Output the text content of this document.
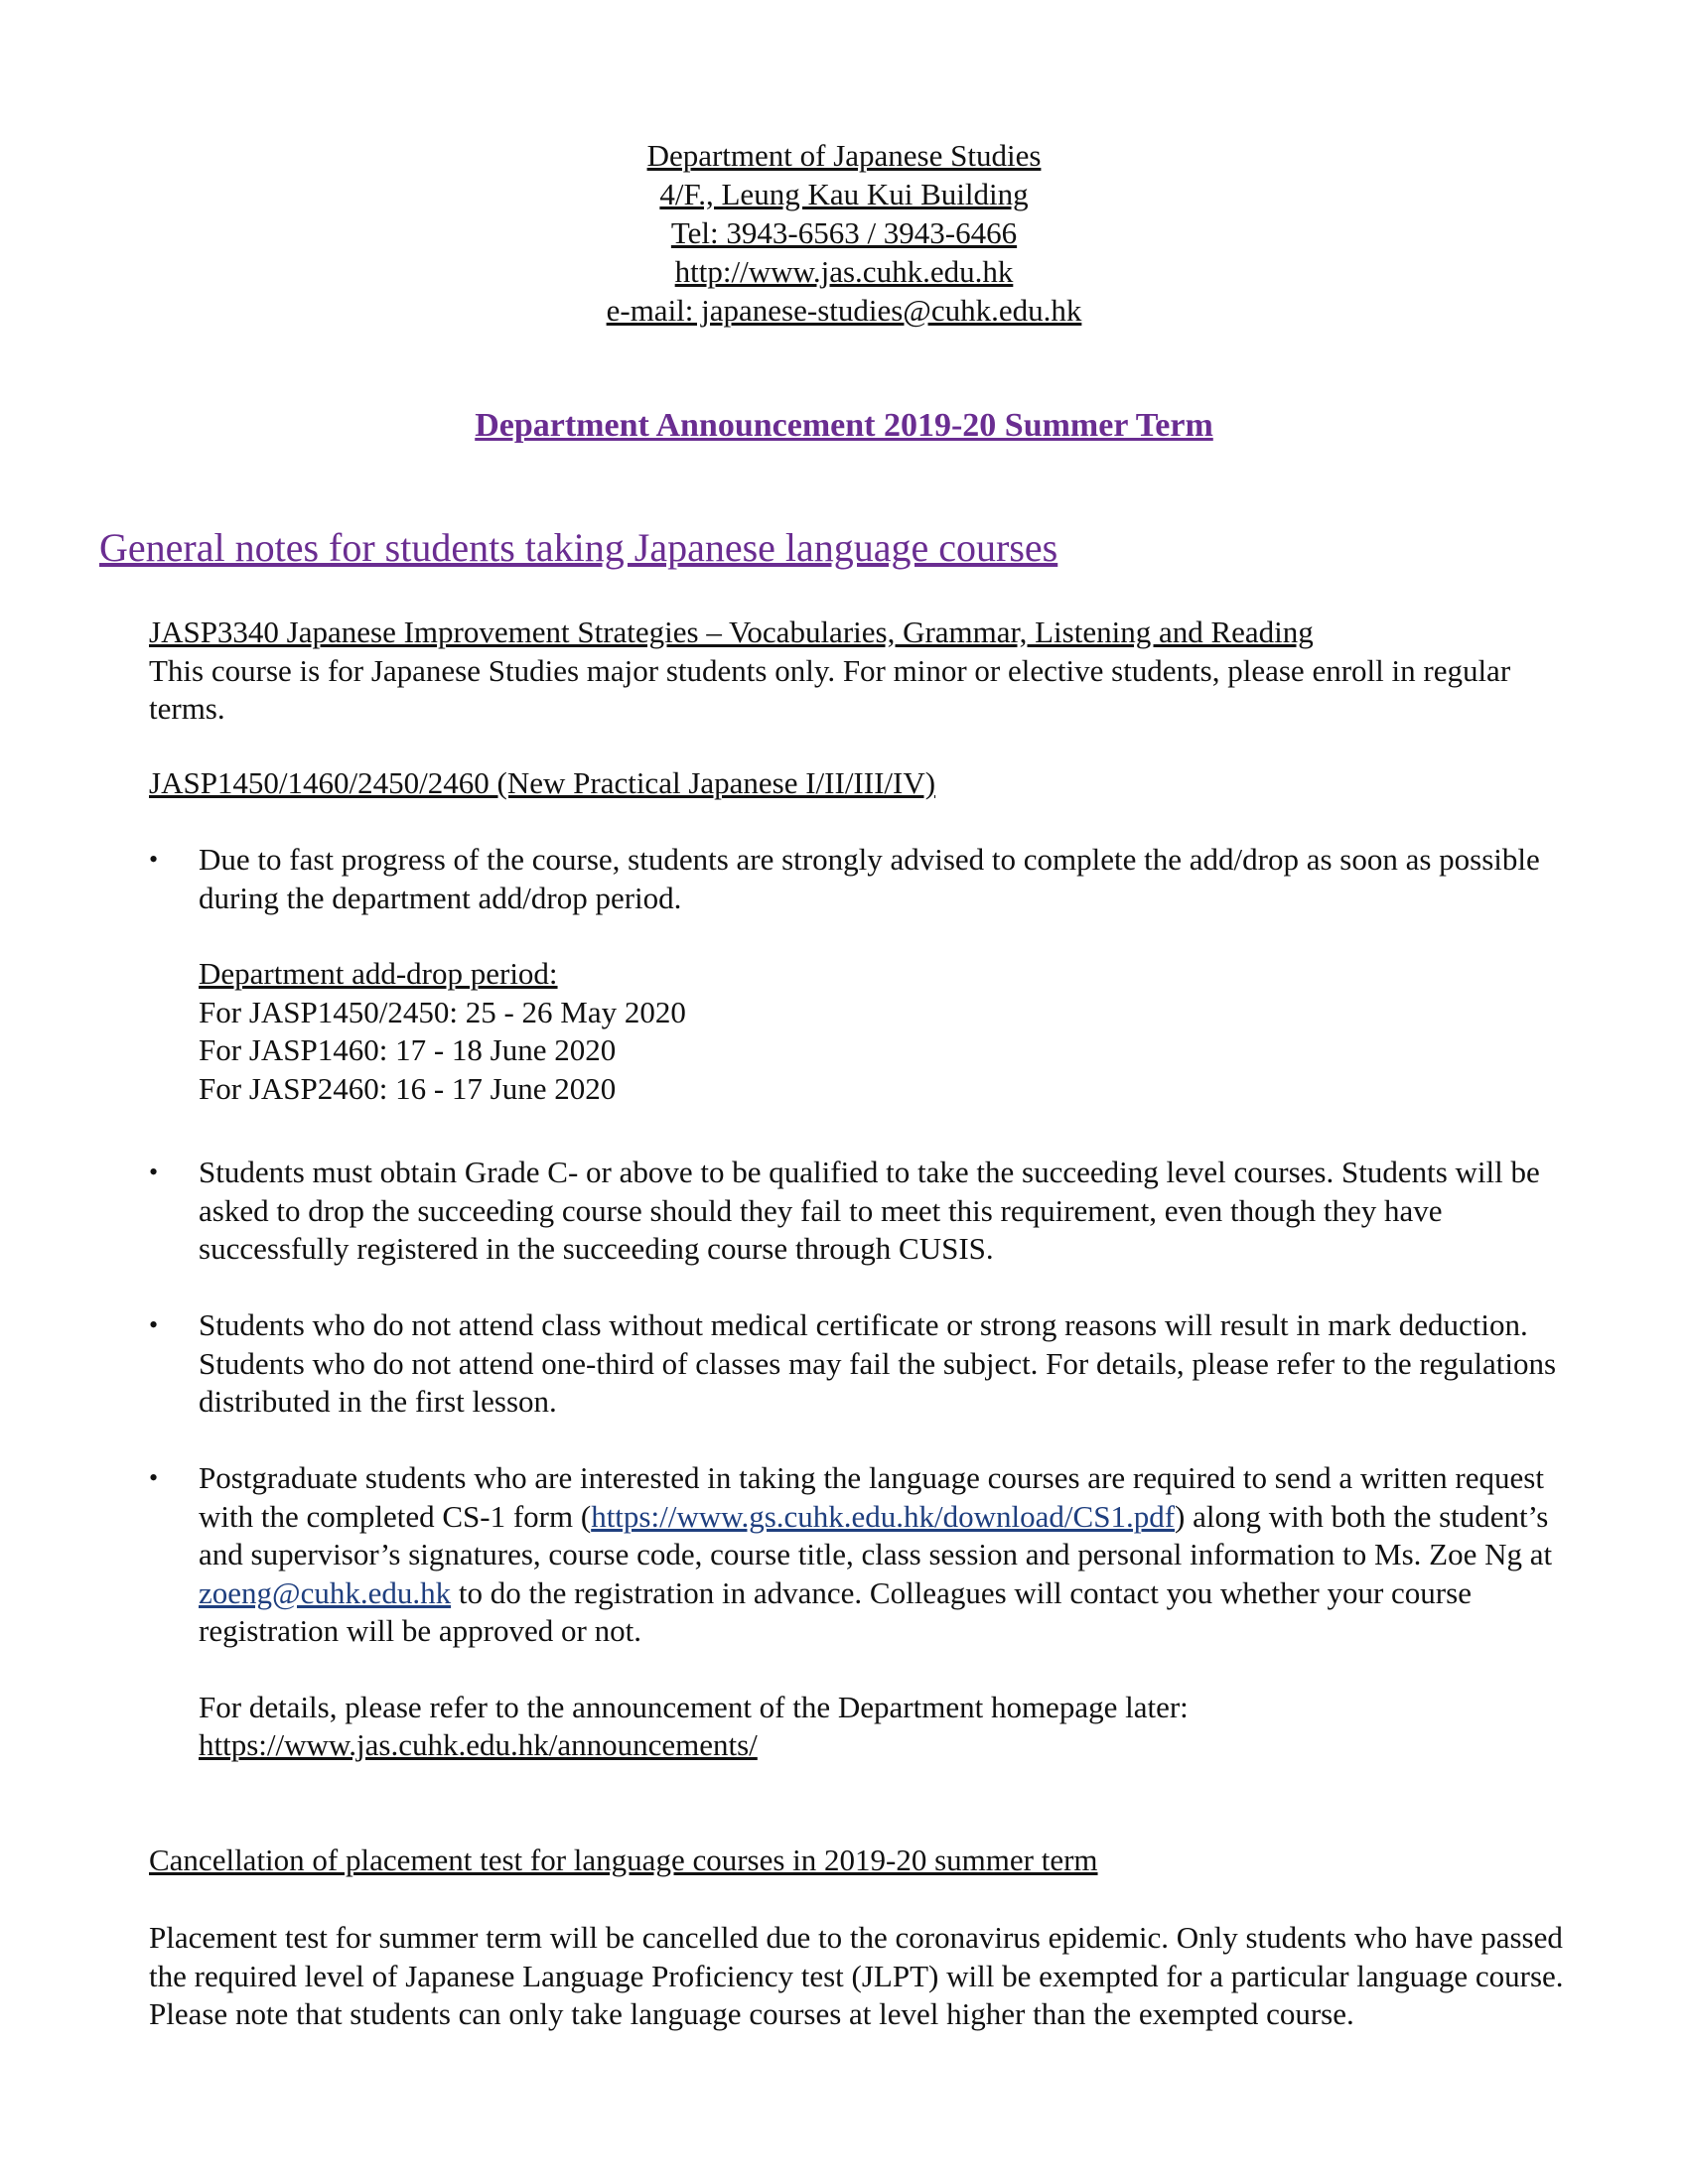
Department of Japanese Studies
4/F., Leung Kau Kui Building
Tel: 3943-6563 / 3943-6466
http://www.jas.cuhk.edu.hk
e-mail: japanese-studies@cuhk.edu.hk
Department Announcement 2019-20 Summer Term
General notes for students taking Japanese language courses
JASP3340 Japanese Improvement Strategies – Vocabularies, Grammar, Listening and Reading
This course is for Japanese Studies major students only. For minor or elective students, please enroll in regular terms.
JASP1450/1460/2450/2460 (New Practical Japanese I/II/III/IV)
• Due to fast progress of the course, students are strongly advised to complete the add/drop as soon as possible during the department add/drop period.
Department add-drop period:
For JASP1450/2450: 25 - 26 May 2020
For JASP1460: 17 - 18 June 2020
For JASP2460: 16 - 17 June 2020
• Students must obtain Grade C- or above to be qualified to take the succeeding level courses. Students will be asked to drop the succeeding course should they fail to meet this requirement, even though they have successfully registered in the succeeding course through CUSIS.
• Students who do not attend class without medical certificate or strong reasons will result in mark deduction. Students who do not attend one-third of classes may fail the subject. For details, please refer to the regulations distributed in the first lesson.
• Postgraduate students who are interested in taking the language courses are required to send a written request with the completed CS-1 form (https://www.gs.cuhk.edu.hk/download/CS1.pdf) along with both the student’s and supervisor’s signatures, course code, course title, class session and personal information to Ms. Zoe Ng at zoeng@cuhk.edu.hk to do the registration in advance. Colleagues will contact you whether your course registration will be approved or not.
For details, please refer to the announcement of the Department homepage later:
https://www.jas.cuhk.edu.hk/announcements/
Cancellation of placement test for language courses in 2019-20 summer term
Placement test for summer term will be cancelled due to the coronavirus epidemic. Only students who have passed the required level of Japanese Language Proficiency test (JLPT) will be exempted for a particular language course. Please note that students can only take language courses at level higher than the exempted course.
